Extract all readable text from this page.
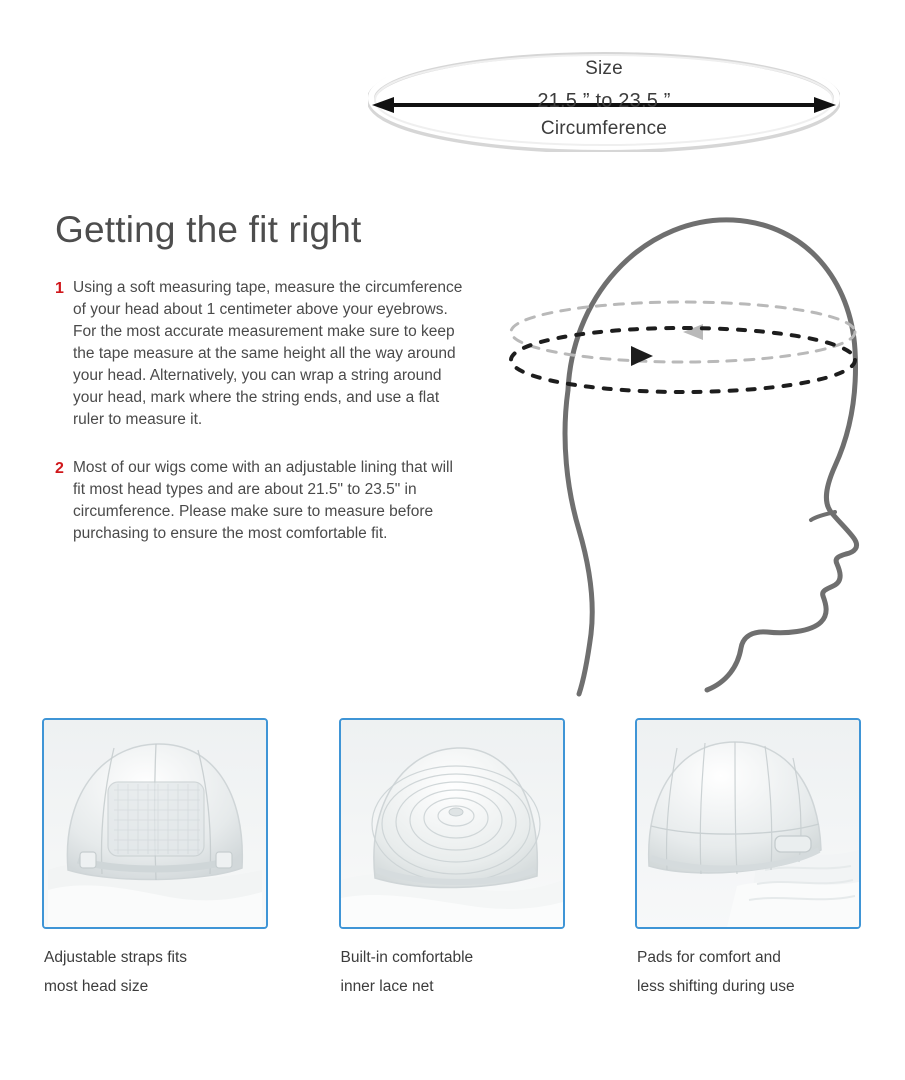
Size
21.5 ” to 23.5 ”
Circumference
Getting the fit right
1 Using a soft measuring tape, measure the circumference of your head about 1 centimeter above your eyebrows. For the most accurate measurement make sure to keep the tape measure at the same height all the way around your head. Alternatively, you can wrap a string around your head, mark where the string ends, and use a flat ruler to measure it.
2 Most of our wigs come with an adjustable lining that will fit most head types and are about 21.5" to 23.5" in circumference. Please make sure to measure before purchasing to ensure the most comfortable fit.
Adjustable straps fits
most head size
Built-in comfortable
inner lace net
Pads for comfort and
less shifting during use
